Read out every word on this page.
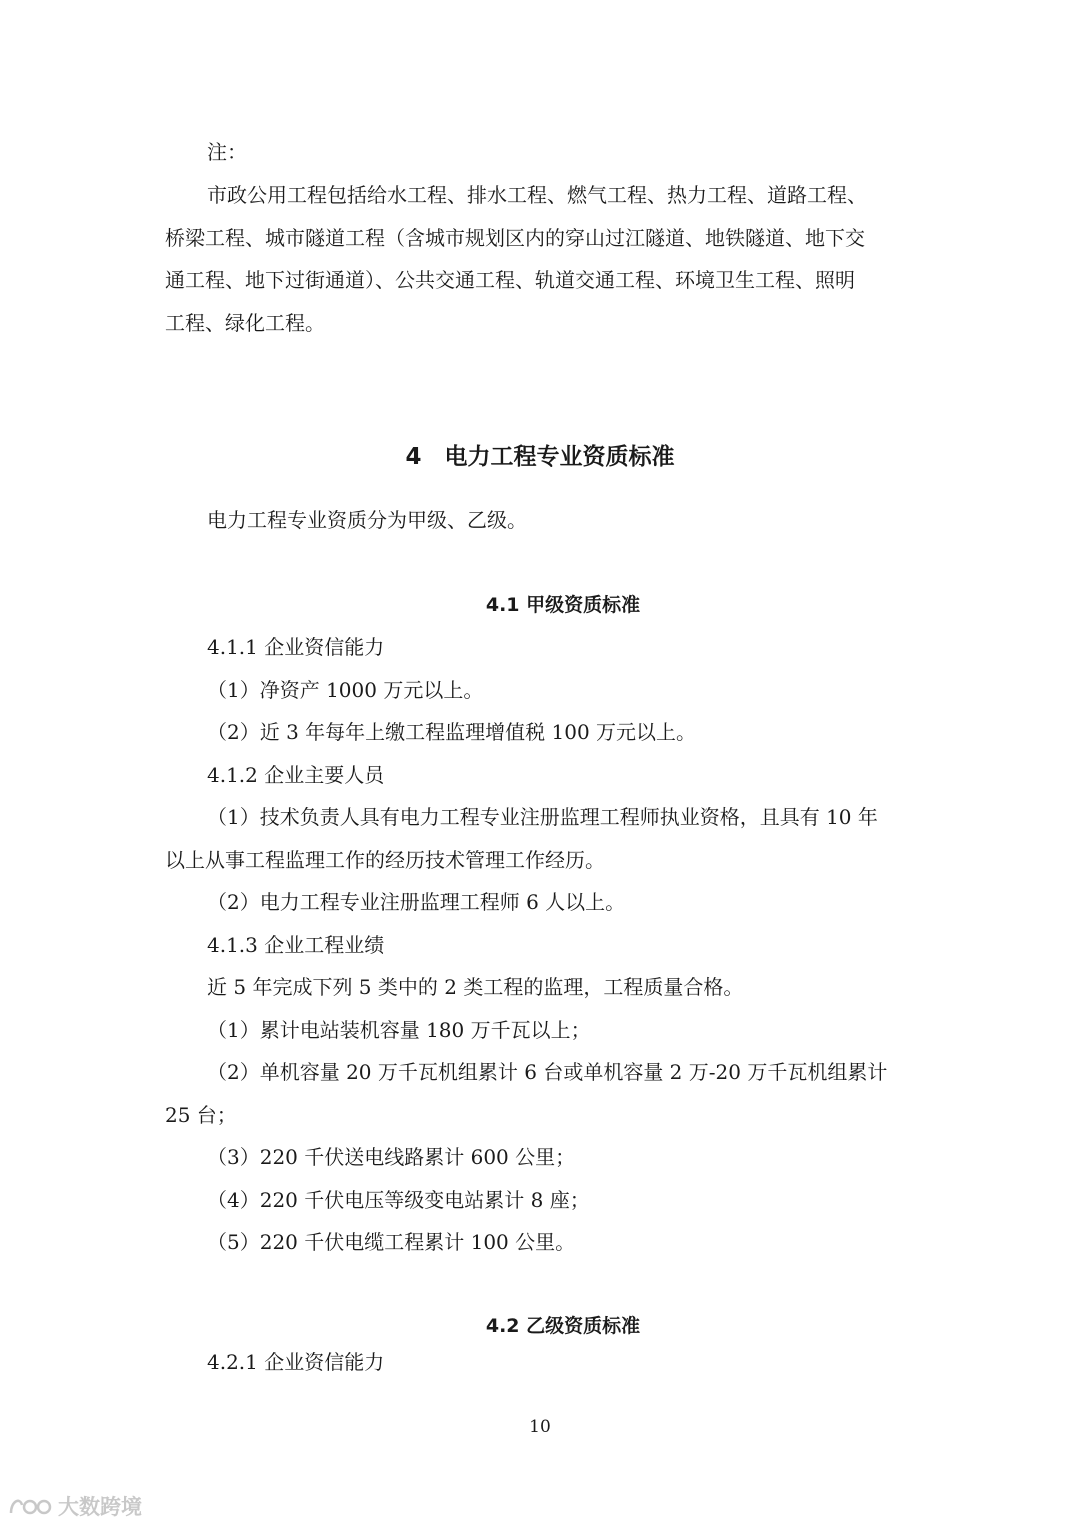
注：
市政公用工程包括给水工程、排水工程、燃气工程、热力工程、道路工程、
桥梁工程、城市隧道工程（含城市规划区内的穿山过江隧道、地铁隧道、地下交
通工程、地下过街通道）、公共交通工程、轨道交通工程、环境卫生工程、照明
工程、绿化工程。
4　电力工程专业资质标准
电力工程专业资质分为甲级、乙级。
4.1 甲级资质标准
4.1.1 企业资信能力
（1）净资产 1000 万元以上。
（2）近 3 年每年上缴工程监理增值税 100 万元以上。
4.1.2 企业主要人员
（1）技术负责人具有电力工程专业注册监理工程师执业资格，且具有 10 年
以上从事工程监理工作的经历技术管理工作经历。
（2）电力工程专业注册监理工程师 6 人以上。
4.1.3 企业工程业绩
近 5 年完成下列 5 类中的 2 类工程的监理，工程质量合格。
（1）累计电站装机容量 180 万千瓦以上；
（2）单机容量 20 万千瓦机组累计 6 台或单机容量 2 万-20 万千瓦机组累计
25 台；
（3）220 千伏送电线路累计 600 公里；
（4）220 千伏电压等级变电站累计 8 座；
（5）220 千伏电缆工程累计 100 公里。
4.2 乙级资质标准
4.2.1 企业资信能力
10
大数跨境
